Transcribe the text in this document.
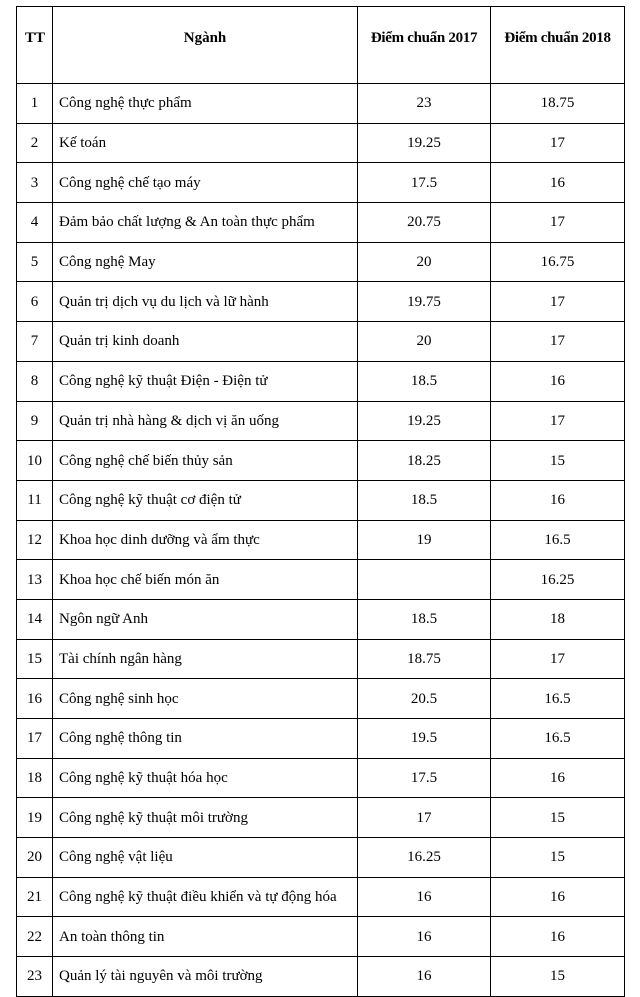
TT	Ngành	Điểm chuẩn 2017	Điểm chuẩn 2018
1	Công nghệ thực phẩm	23	18.75
2	Kế toán	19.25	17
3	Công nghệ chế tạo máy	17.5	16
4	Đảm bảo chất lượng & An toàn thực phẩm	20.75	17
5	Công nghệ May	20	16.75
6	Quản trị dịch vụ du lịch và lữ hành	19.75	17
7	Quản trị kinh doanh	20	17
8	Công nghệ kỹ thuật Điện - Điện tử	18.5	16
9	Quản trị nhà hàng & dịch vị ăn uống	19.25	17
10	Công nghệ chế biến thủy sản	18.25	15
11	Công nghệ kỹ thuật cơ điện tử	18.5	16
12	Khoa học dinh dưỡng và ẩm thực	19	16.5
13	Khoa học chế biến món ăn		16.25
14	Ngôn ngữ Anh	18.5	18
15	Tài chính ngân hàng	18.75	17
16	Công nghệ sinh học	20.5	16.5
17	Công nghệ thông tin	19.5	16.5
18	Công nghệ kỹ thuật hóa học	17.5	16
19	Công nghệ kỹ thuật môi trường	17	15
20	Công nghệ vật liệu	16.25	15
21	Công nghệ kỹ thuật điều khiển và tự động hóa	16	16
22	An toàn thông tin	16	16
23	Quản lý tài nguyên và môi trường	16	15
